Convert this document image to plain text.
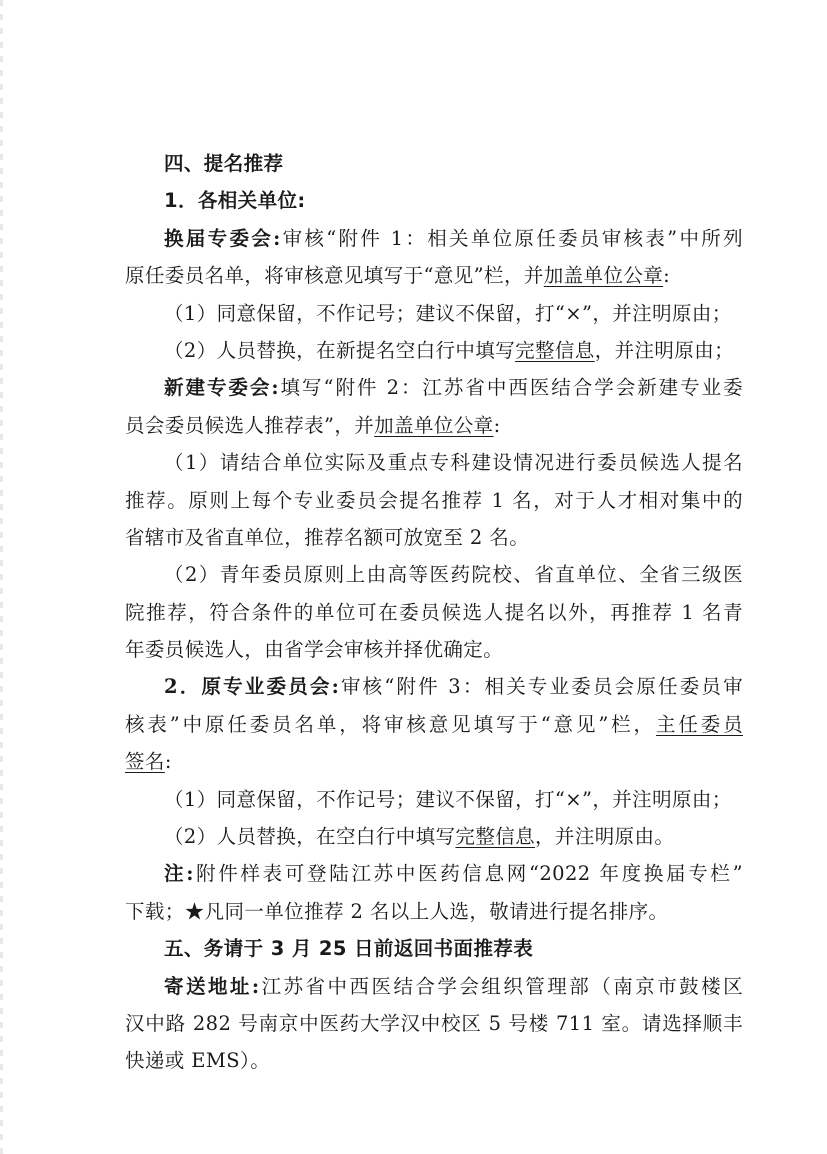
四、提名推荐
1．各相关单位:
换届专委会:审核“附件 1：相关单位原任委员审核表”中所列
原任委员名单，将审核意见填写于“意见”栏，并加盖单位公章:
（1）同意保留，不作记号；建议不保留，打“×”，并注明原由；
（2）人员替换，在新提名空白行中填写完整信息，并注明原由；
新建专委会:填写“附件 2：江苏省中西医结合学会新建专业委
员会委员候选人推荐表”，并加盖单位公章:
（1）请结合单位实际及重点专科建设情况进行委员候选人提名
推荐。原则上每个专业委员会提名推荐 1 名，对于人才相对集中的
省辖市及省直单位，推荐名额可放宽至 2 名。
（2）青年委员原则上由高等医药院校、省直单位、全省三级医
院推荐，符合条件的单位可在委员候选人提名以外，再推荐 1 名青
年委员候选人，由省学会审核并择优确定。
2．原专业委员会:审核“附件 3：相关专业委员会原任委员审
核表”中原任委员名单，将审核意见填写于“意见”栏，主任委员
签名:
（1）同意保留，不作记号；建议不保留，打“×”，并注明原由；
（2）人员替换，在空白行中填写完整信息，并注明原由。
注:附件样表可登陆江苏中医药信息网“2022 年度换届专栏”
下载；★凡同一单位推荐 2 名以上人选，敬请进行提名排序。
五、务请于 3 月 25 日前返回书面推荐表
寄送地址:江苏省中西医结合学会组织管理部（南京市鼓楼区
汉中路 282 号南京中医药大学汉中校区 5 号楼 711 室。请选择顺丰
快递或 EMS）。
